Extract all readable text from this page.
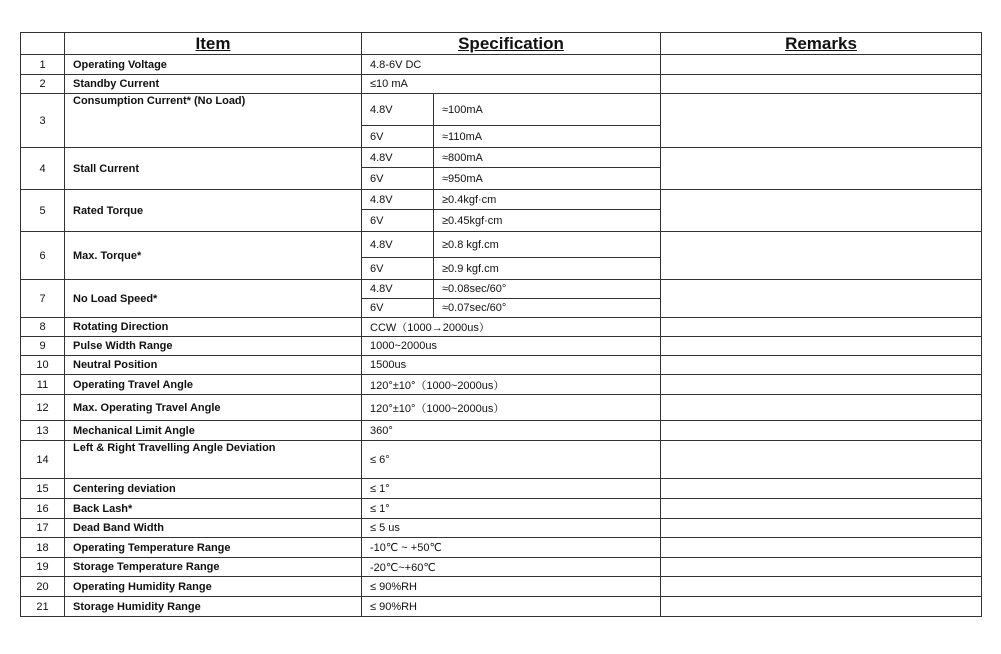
	Item	Specification		Remarks
1	Operating Voltage	4.8-6V DC		
2	Standby Current	≤10 mA		
3	Consumption Current* (No Load)	4.8V	≈100mA	
		6V	≈110mA	
4	Stall Current	4.8V	≈800mA	
		6V	≈950mA	
5	Rated Torque	4.8V	≥0.4kgf·cm	
		6V	≥0.45kgf·cm	
6	Max. Torque*	4.8V	≥0.8 kgf.cm	
		6V	≥0.9 kgf.cm	
7	No Load Speed*	4.8V	≈0.08sec/60°	
		6V	≈0.07sec/60°	
8	Rotating Direction	CCW（1000→2000us）		
9	Pulse Width Range	1000~2000us		
10	Neutral Position	1500us		
11	Operating Travel Angle	120°±10°（1000~2000us）		
12	Max. Operating Travel Angle	120°±10°（1000~2000us）		
13	Mechanical Limit Angle	360°		
14	Left & Right Travelling Angle Deviation	≤ 6°		
15	Centering deviation	≤ 1°		
16	Back Lash*	≤ 1°		
17	Dead Band Width	≤ 5 us		
18	Operating Temperature Range	-10℃ ~ +50℃		
19	Storage Temperature Range	-20℃~+60℃		
20	Operating Humidity Range	≤ 90%RH		
21	Storage Humidity Range	≤ 90%RH		
